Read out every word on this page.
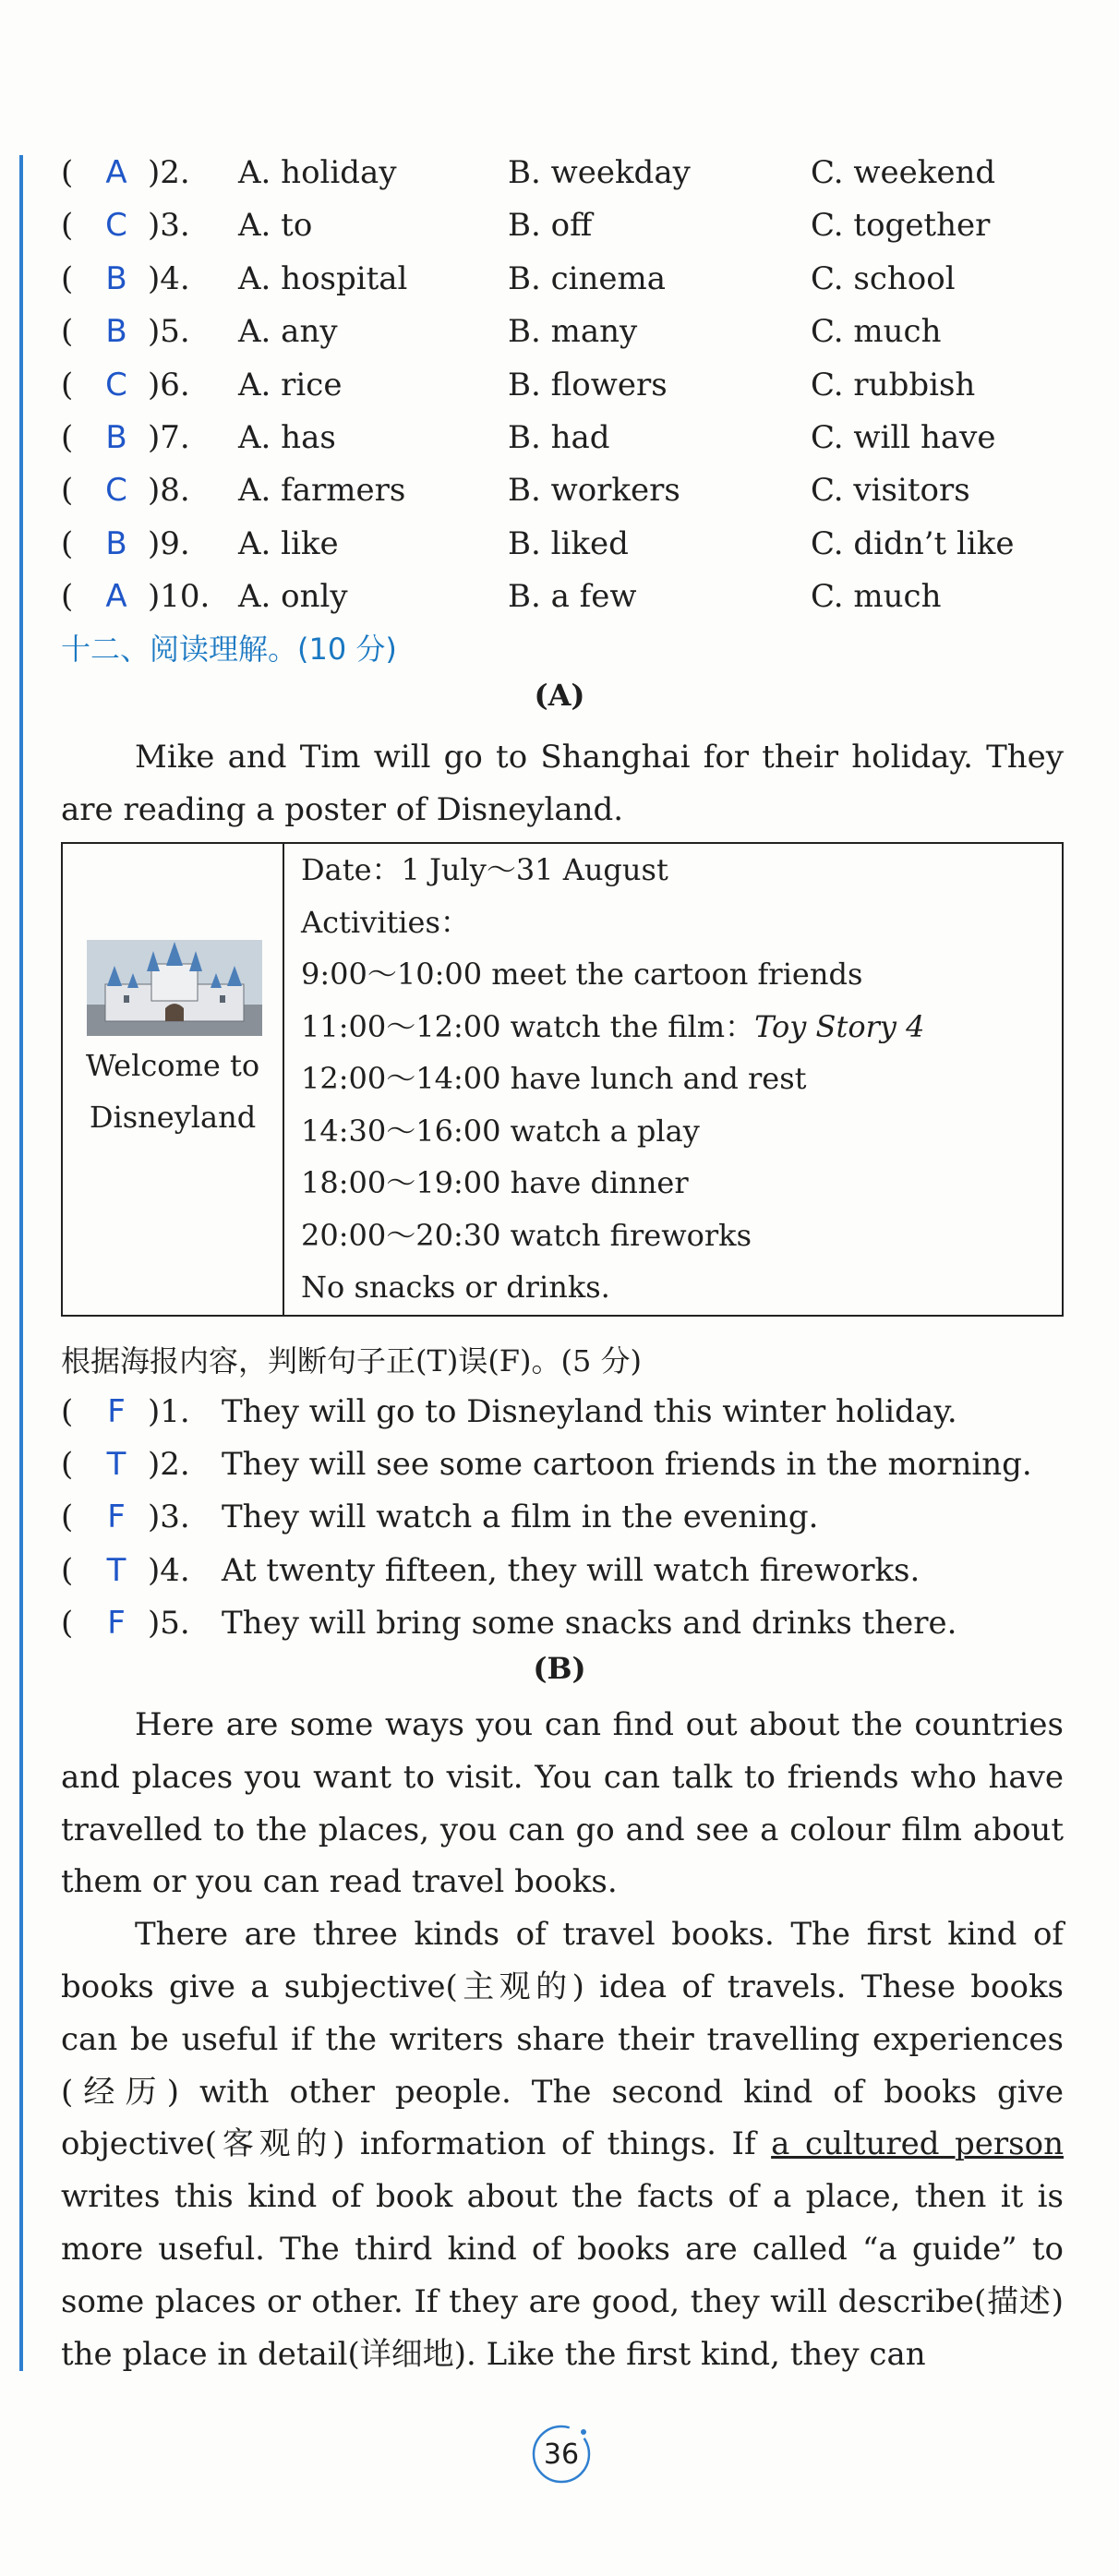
( A )2. A. holiday	B. weekday	C. weekend
( C )3. A. to	B. off	C. together
( B )4. A. hospital	B. cinema	C. school
( B )5. A. any	B. many	C. much
( C )6. A. rice	B. flowers	C. rubbish
( B )7. A. has	B. had	C. will have
( C )8. A. farmers	B. workers	C. visitors
( B )9. A. like	B. liked	C. didn’t like
( A )10. A. only	B. a few	C. much
十二、阅读理解。(10 分)
(A)

Mike and Tim will go to Shanghai for their holiday. They are reading a poster of Disneyland.

Welcome to
Disneyland
Date：1 July～31 August
Activities：
9:00～10:00 meet the cartoon friends
11:00～12:00 watch the film：Toy Story 4
12:00～14:00 have lunch and rest
14:30～16:00 watch a play
18:00～19:00 have dinner
20:00～20:30 watch fireworks
No snacks or drinks.
根据海报内容，判断句子正(T)误(F)。(5 分)
( F )1. They will go to Disneyland this winter holiday.
( T )2. They will see some cartoon friends in the morning.
( F )3. They will watch a film in the evening.
( T )4. At twenty fifteen, they will watch fireworks.
( F )5. They will bring some snacks and drinks there.
(B)

Here are some ways you can find out about the countries and places you want to visit. You can talk to friends who have travelled to the places, you can go and see a colour film about them or you can read travel books.

There are three kinds of travel books. The first kind of books give a subjective(主观的) idea of travels. These books can be useful if the writers share their travelling experiences (经历) with other people. The second kind of books give objective(客观的) information of things. If a cultured person writes this kind of book about the facts of a place, then it is more useful. The third kind of books are called “a guide” to some places or other. If they are good, they will describe(描述) the place in detail(详细地). Like the first kind, they can

36
